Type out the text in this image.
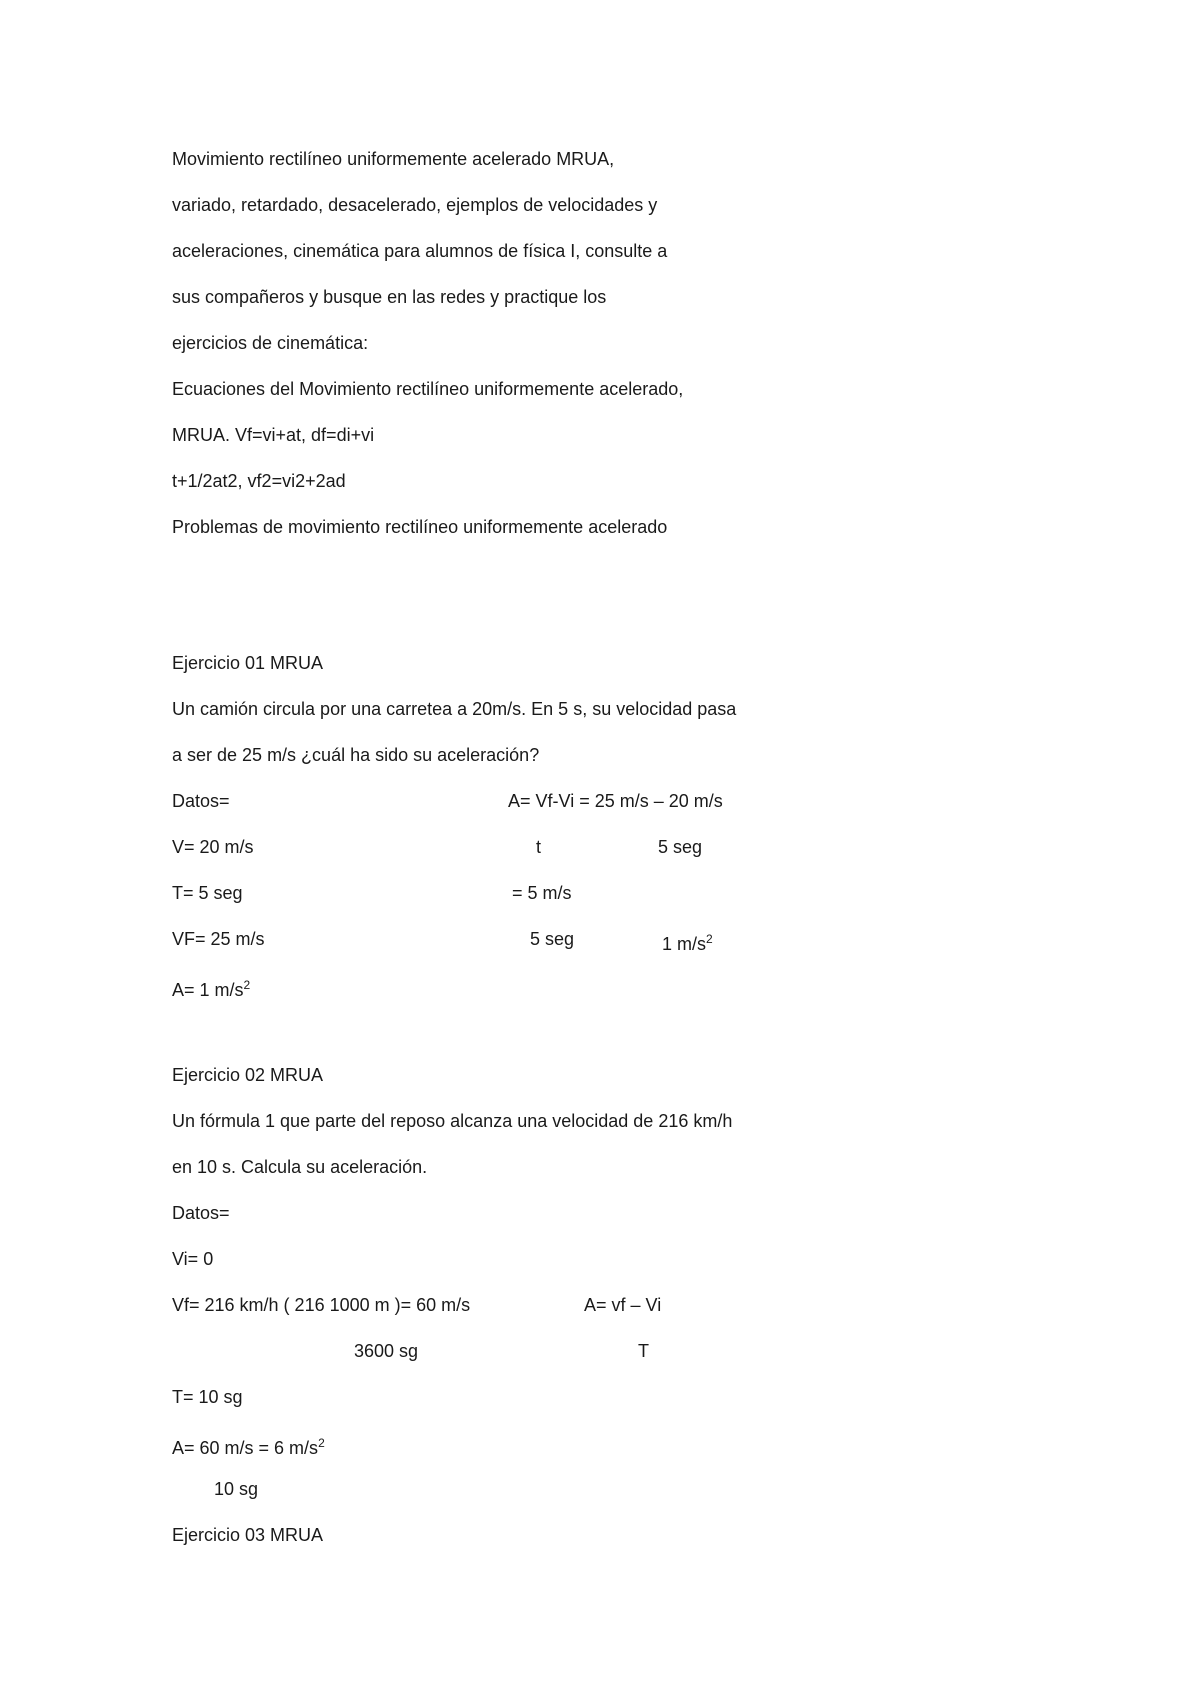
Movimiento rectilíneo uniformemente acelerado MRUA,
variado, retardado, desacelerado, ejemplos de velocidades y
aceleraciones, cinemática para alumnos de física I, consulte a
sus compañeros y busque en las redes y practique los
ejercicios de cinemática:
Ecuaciones del Movimiento rectilíneo uniformemente acelerado,
MRUA. Vf=vi+at, df=di+vi
t+1/2at2, vf2=vi2+2ad
Problemas de movimiento rectilíneo uniformemente acelerado
Ejercicio 01 MRUA
Un camión circula por una carretea a 20m/s. En 5 s, su velocidad pasa
a ser de 25 m/s ¿cuál ha sido su aceleración?
Datos=	A= Vf-Vi = 25 m/s – 20 m/s
V= 20 m/s	t	5 seg
T= 5 seg	= 5 m/s
VF= 25 m/s	5 seg	1 $m/s^2$
A= 1 $m/s^2$
Ejercicio 02 MRUA
Un fórmula 1 que parte del reposo alcanza una velocidad de 216 km/h
en 10 s. Calcula su aceleración.
Datos=
Vi= 0
Vf= 216 km/h ( 216 1000 m )= 60 m/s	A= vf – Vi
3600 sg	T
T= 10 sg
A= 60 m/s = 6 $m/s^2$
10 sg
Ejercicio 03 MRUA
